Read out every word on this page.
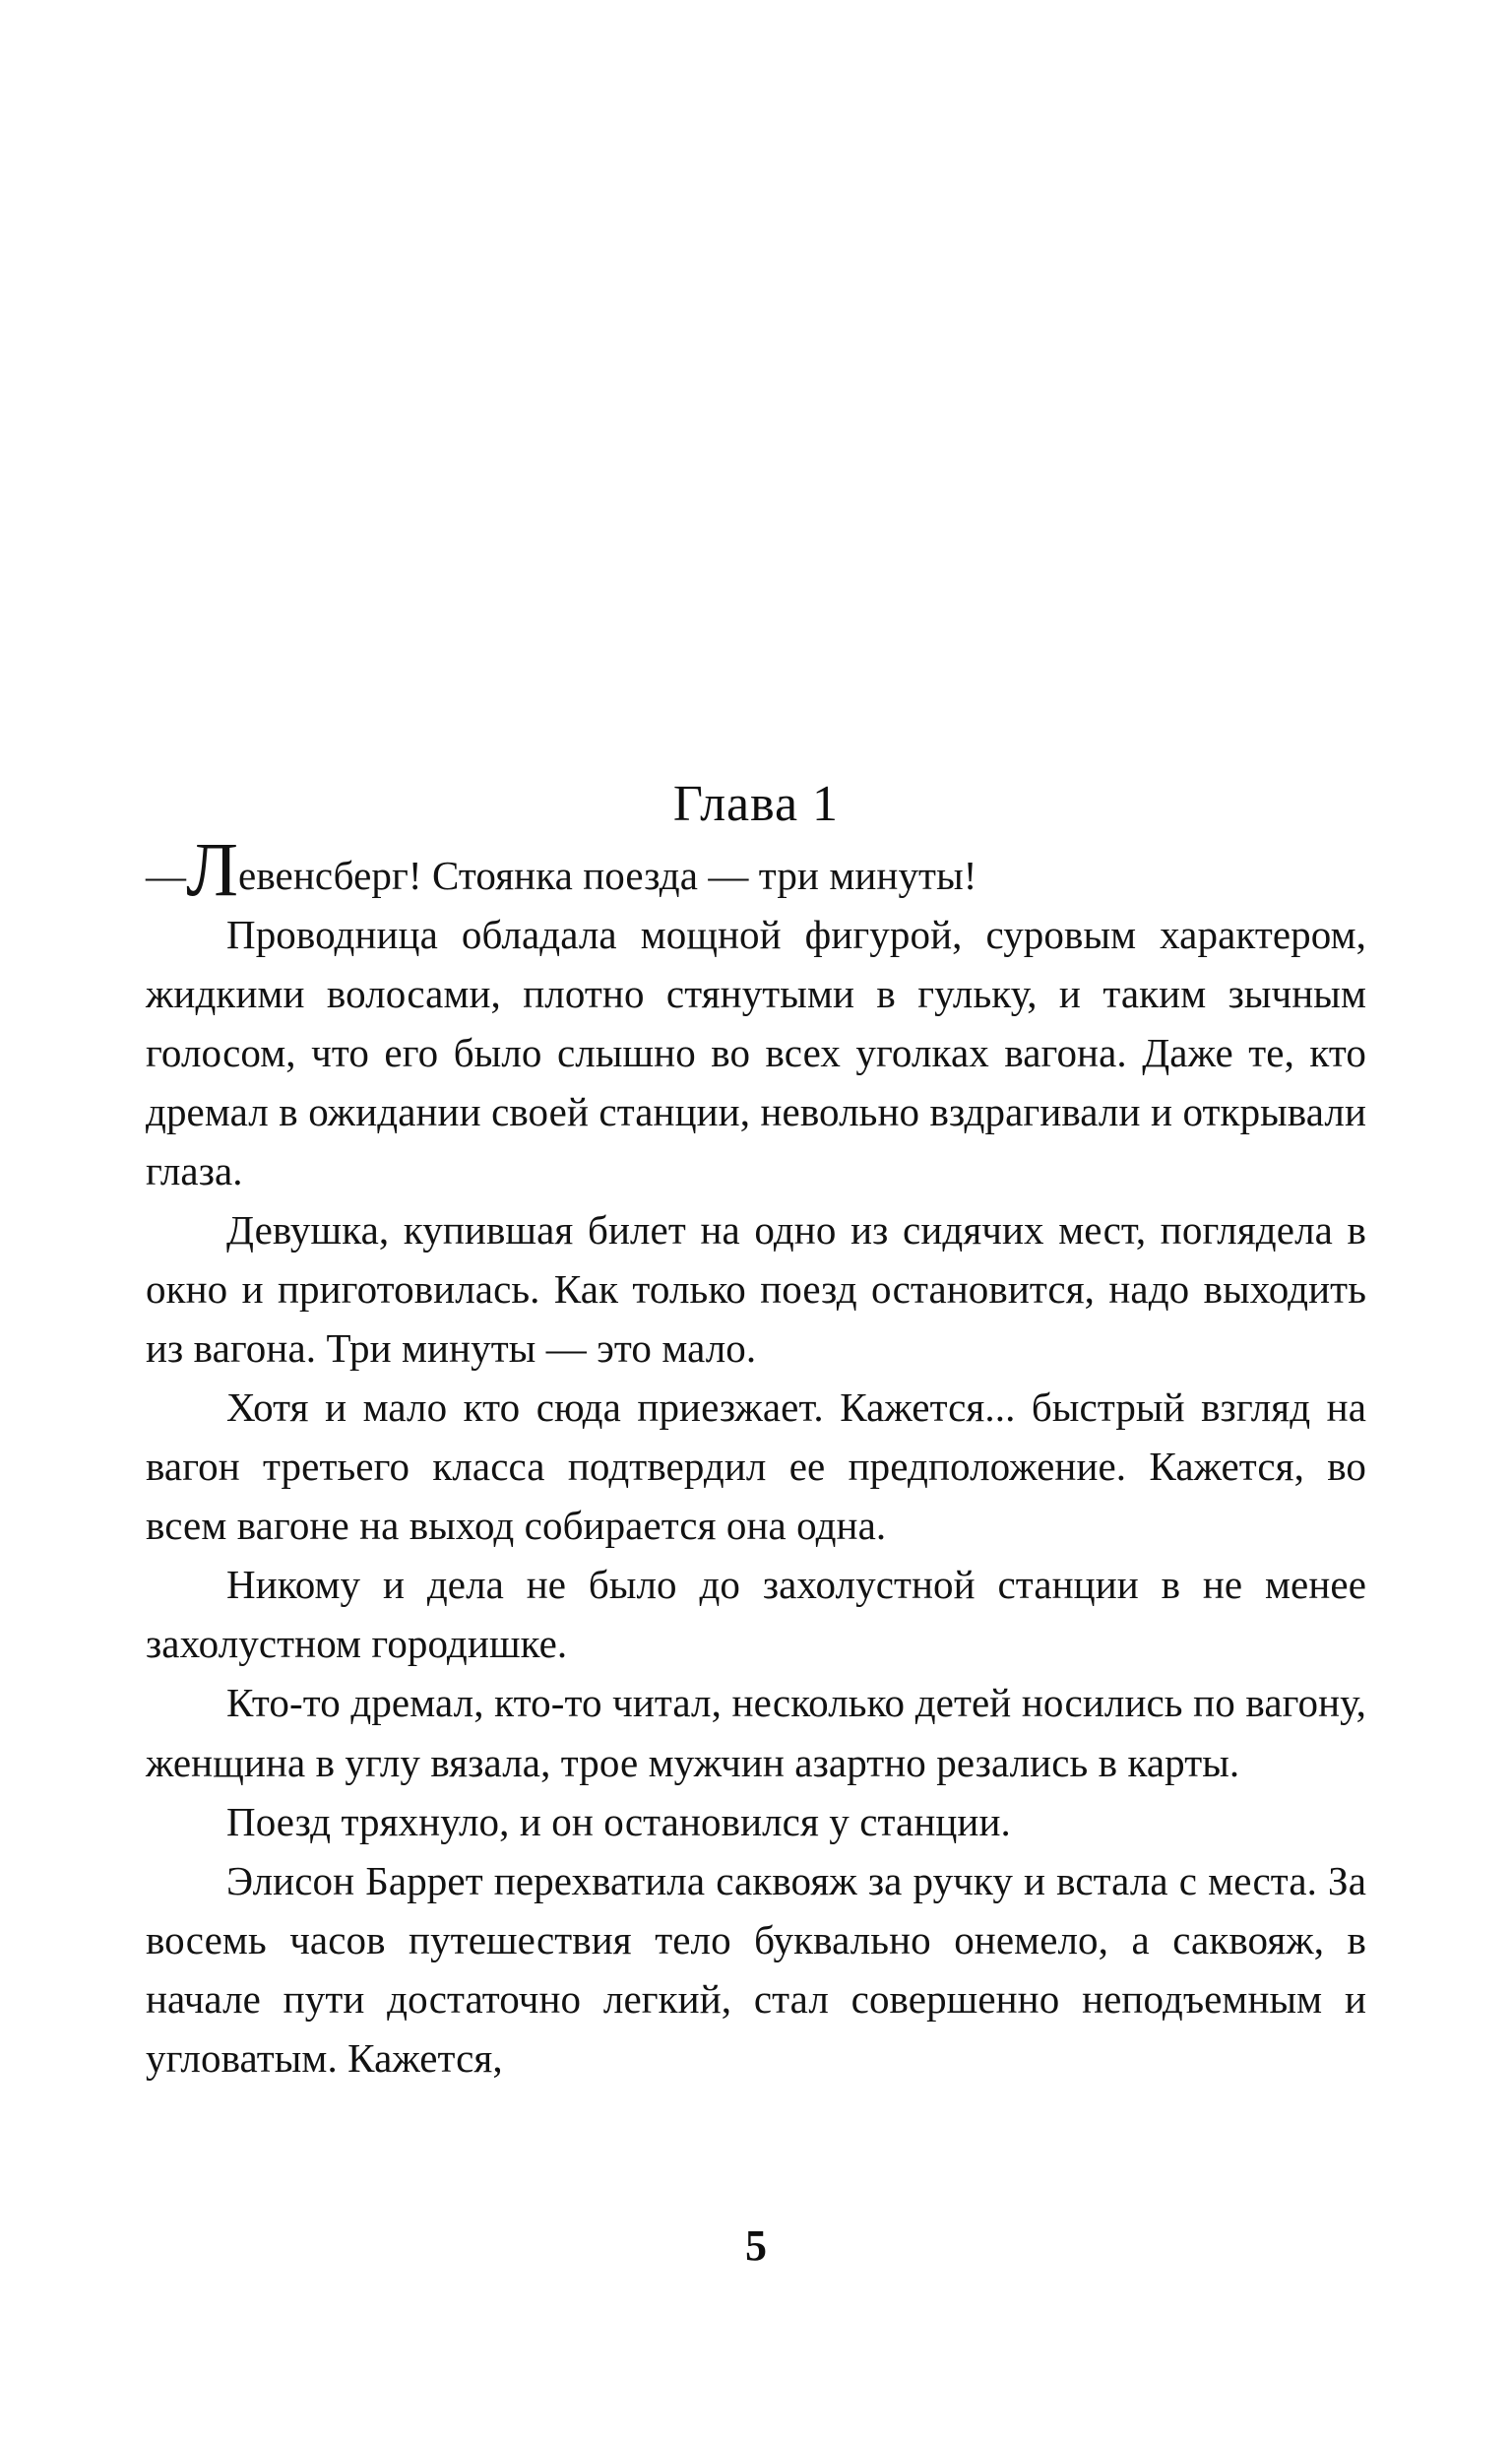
Глава 1

—Левенсберг! Стоянка поезда — три минуты!

Проводница обладала мощной фигурой, суровым характером, жидкими волосами, плотно стянутыми в гульку, и таким зычным голосом, что его было слышно во всех уголках вагона. Даже те, кто дремал в ожидании своей станции, невольно вздрагивали и открывали глаза.

Девушка, купившая билет на одно из сидячих мест, поглядела в окно и приготовилась. Как только поезд остановится, надо выходить из вагона. Три минуты — это мало.

Хотя и мало кто сюда приезжает. Кажется... быстрый взгляд на вагон третьего класса подтвердил ее предположение. Кажется, во всем вагоне на выход собирается она одна.

Никому и дела не было до захолустной станции в не менее захолустном городишке.

Кто-то дремал, кто-то читал, несколько детей носились по вагону, женщина в углу вязала, трое мужчин азартно резались в карты.

Поезд тряхнуло, и он остановился у станции.

Элисон Баррет перехватила саквояж за ручку и встала с места. За восемь часов путешествия тело буквально онемело, а саквояж, в начале пути достаточно легкий, стал совершенно неподъемным и угловатым. Кажется,

5
